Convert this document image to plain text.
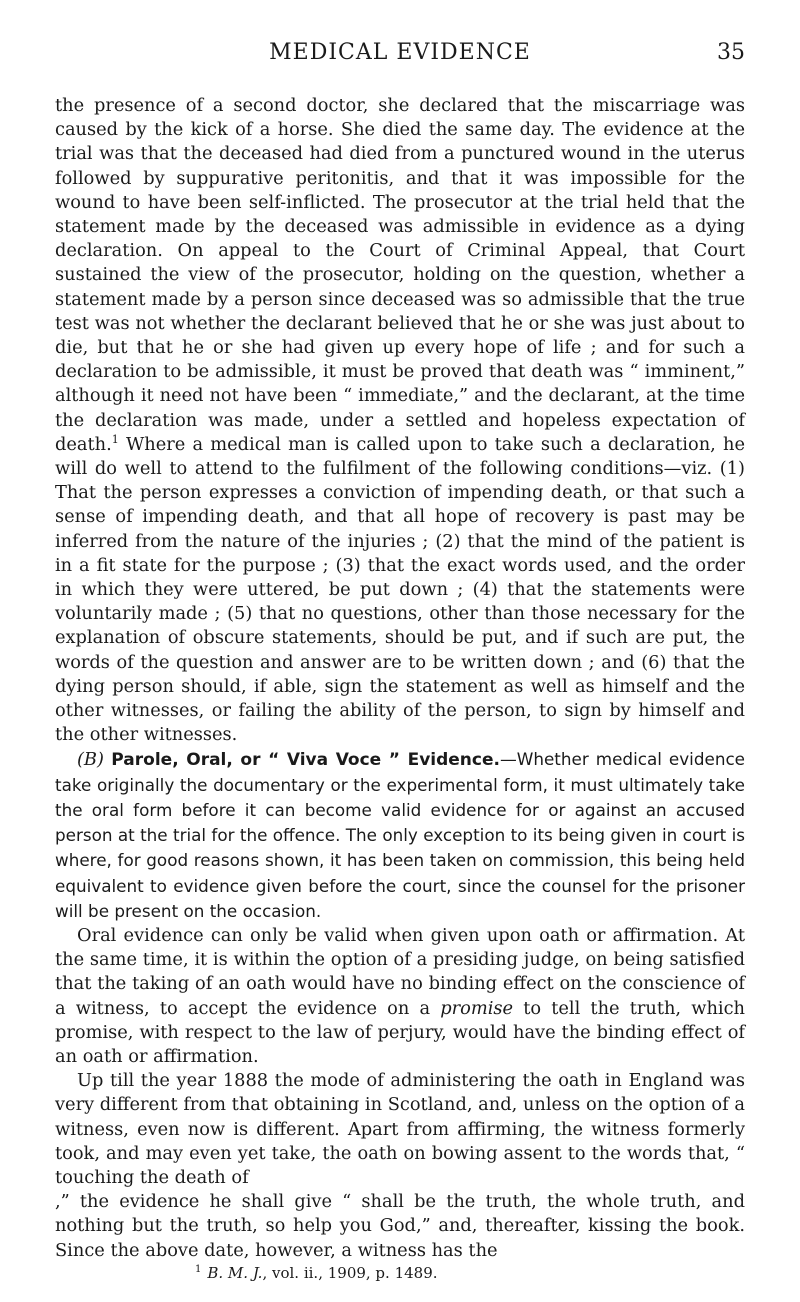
MEDICAL EVIDENCE	35

the presence of a second doctor, she declared that the miscarriage was caused by the kick of a horse. She died the same day. The evidence at the trial was that the deceased had died from a punctured wound in the uterus followed by suppurative peritonitis, and that it was impossible for the wound to have been self-inflicted. The prosecutor at the trial held that the statement made by the deceased was admissible in evidence as a dying declaration. On appeal to the Court of Criminal Appeal, that Court sustained the view of the prosecutor, holding on the question, whether a statement made by a person since deceased was so admissible that the true test was not whether the declarant believed that he or she was just about to die, but that he or she had given up every hope of life ; and for such a declaration to be admissible, it must be proved that death was “ imminent,” although it need not have been “ immediate,” and the declarant, at the time the declaration was made, under a settled and hopeless expectation of death.$^1$ Where a medical man is called upon to take such a declaration, he will do well to attend to the fulfilment of the following conditions—viz. (1) That the person expresses a conviction of impending death, or that such a sense of impending death, and that all hope of recovery is past may be inferred from the nature of the injuries ; (2) that the mind of the patient is in a fit state for the purpose ; (3) that the exact words used, and the order in which they were uttered, be put down ; (4) that the statements were voluntarily made ; (5) that no questions, other than those necessary for the explanation of obscure statements, should be put, and if such are put, the words of the question and answer are to be written down ; and (6) that the dying person should, if able, sign the statement as well as himself and the other witnesses, or failing the ability of the person, to sign by himself and the other witnesses.

(B) Parole, Oral, or “ Viva Voce ” Evidence.—Whether medical evidence take originally the documentary or the experimental form, it must ultimately take the oral form before it can become valid evidence for or against an accused person at the trial for the offence. The only exception to its being given in court is where, for good reasons shown, it has been taken on commission, this being held equivalent to evidence given before the court, since the counsel for the prisoner will be present on the occasion.

Oral evidence can only be valid when given upon oath or affirmation. At the same time, it is within the option of a presiding judge, on being satisfied that the taking of an oath would have no binding effect on the conscience of a witness, to accept the evidence on a promise to tell the truth, which promise, with respect to the law of perjury, would have the binding effect of an oath or affirmation.

Up till the year 1888 the mode of administering the oath in England was very different from that obtaining in Scotland, and, unless on the option of a witness, even now is different. Apart from affirming, the witness formerly took, and may even yet take, the oath on bowing assent to the words that, “ touching the death of
,” the evidence he shall give “ shall be the truth, the whole truth, and nothing but the truth, so help you God,” and, thereafter, kissing the book. Since the above date, however, a witness has the

$^1$ B. M. J., vol. ii., 1909, p. 1489.
